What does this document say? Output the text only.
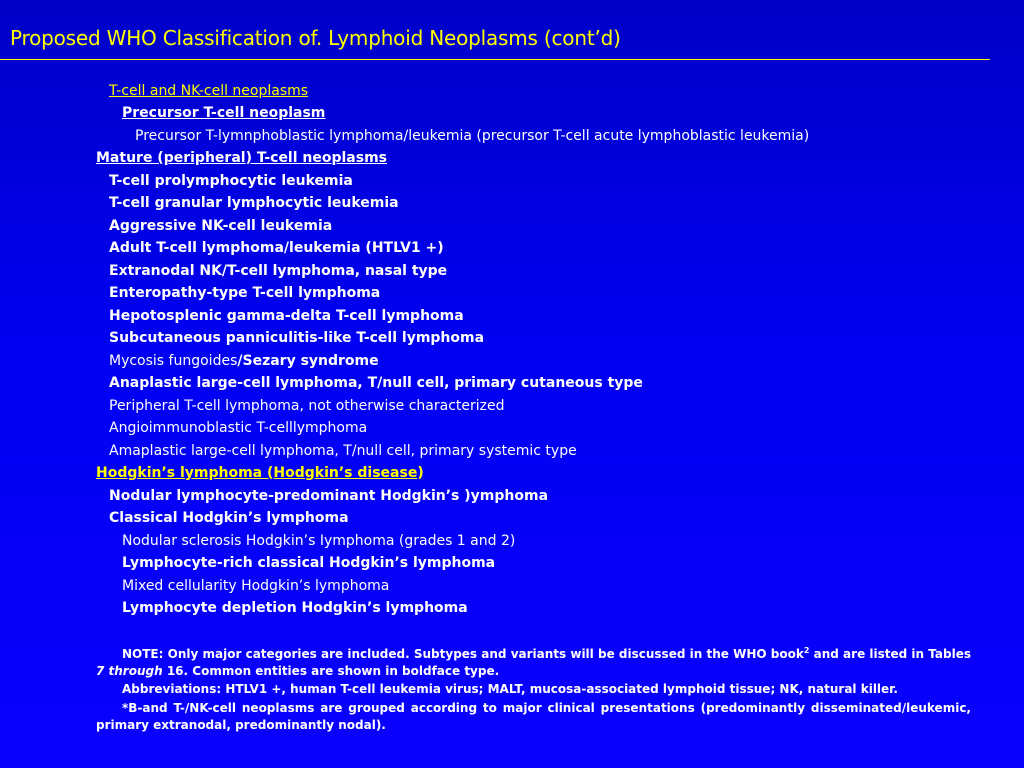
Proposed WHO Classification of. Lymphoid Neoplasms (cont’d)
T-cell and NK-cell neoplasms
Precursor T-cell neoplasm
Precursor T-lymnphoblastic lymphoma/leukemia (precursor T-cell acute lymphoblastic leukemia)
Mature (peripheral) T-cell neoplasms
T-cell prolymphocytic leukemia
T-cell granular lymphocytic leukemia
Aggressive NK-cell leukemia
Adult T-cell lymphoma/leukemia (HTLV1 +)
Extranodal NK/T-cell lymphoma, nasal type
Enteropathy-type T-cell lymphoma
Hepotosplenic gamma-delta T-cell lymphoma
Subcutaneous panniculitis-like T-cell lymphoma
Mycosis fungoides/Sezary syndrome
Anaplastic large-cell lymphoma, T/null cell, primary cutaneous type
Peripheral T-cell lymphoma, not otherwise characterized
Angioimmunoblastic T-celllymphoma
Amaplastic large-cell lymphoma, T/null cell, primary systemic type
Hodgkin’s lymphoma (Hodgkin’s disease)
Nodular lymphocyte-predominant Hodgkin’s )ymphoma
Classical Hodgkin’s lymphoma
Nodular sclerosis Hodgkin’s Iymphoma (grades 1 and 2)
Lymphocyte-rich classical Hodgkin’s lymphoma
Mixed cellularity Hodgkin’s lymphoma
Lymphocyte depletion Hodgkin’s lymphoma
NOTE: Only major categories are included. Subtypes and variants will be discussed in the WHO book$^2$ and are listed in Tables 7 through 16. Common entities are shown in boldface type.
Abbreviations: HTLV1 +, human T-cell leukemia virus; MALT, mucosa-associated lymphoid tissue; NK, natural killer.
*B-and T-/NK-cell neoplasms are grouped according to major clinical presentations (predominantly disseminated/leukemic, primary extranodal, predominantly nodal).
